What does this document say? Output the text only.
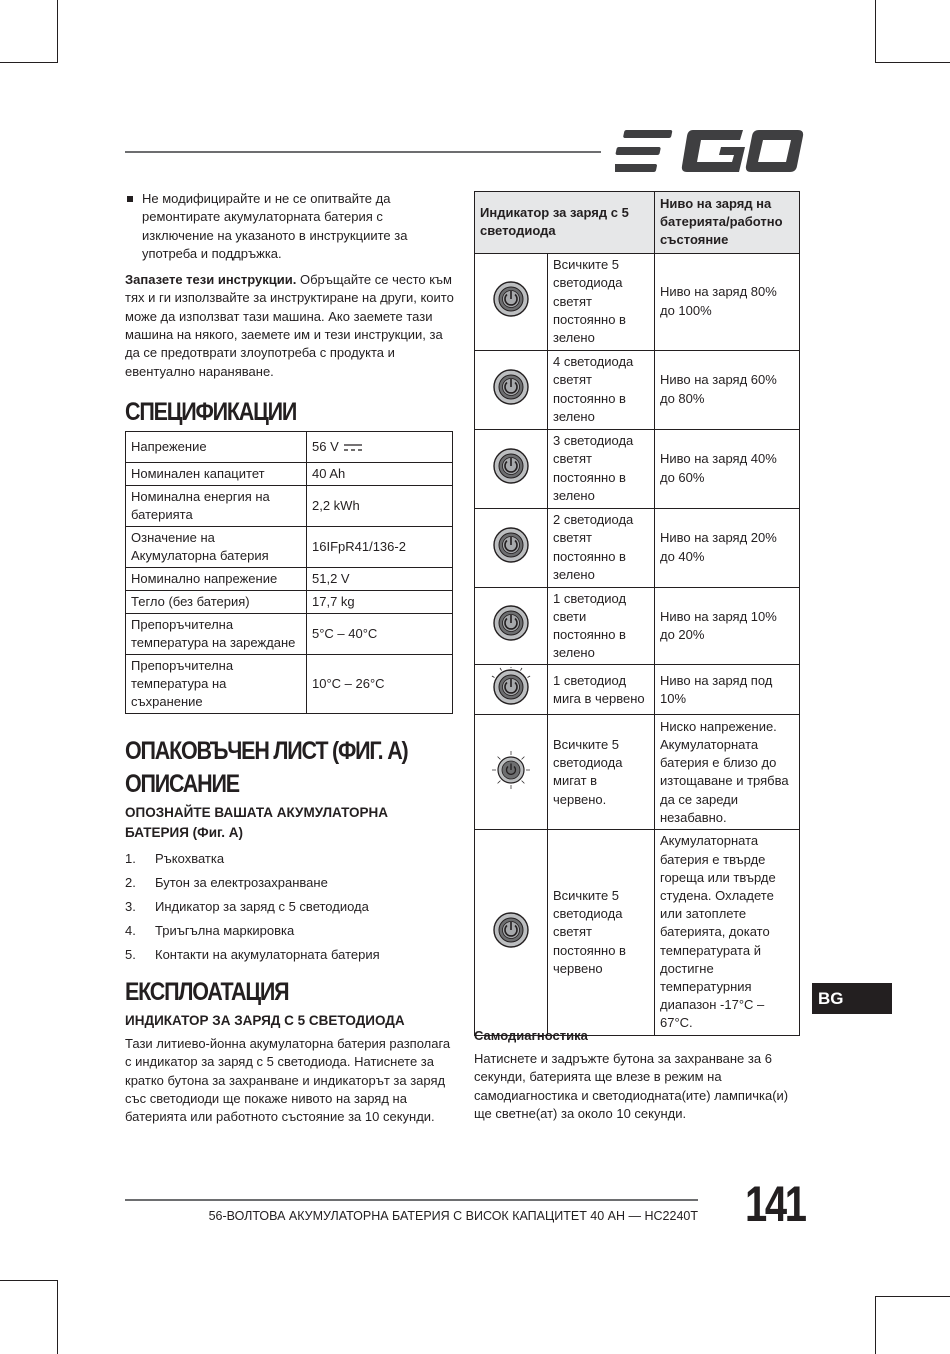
EGO
Не модифицирайте и не се опитвайте да ремонтирате акумулаторната батерия с изключение на указаното в инструкциите за употреба и поддръжка.

Запазете тези инструкции. Обръщайте се често към тях и ги използвайте за инструктиране на други, които може да използват тази машина. Ако заемете тази машина на някого, заемете им и тези инструкции, за да се предотврати злоупотреба с продукта и евентуално нараняване.

СПЕЦИФИКАЦИИ
Напрежение	56 V
Номинален капацитет	40 Ah
Номинална енергия на батерията	2,2 kWh
Означение на Акумулаторна батерия	16IFpR41/136-2
Номинално напрежение	51,2 V
Тегло (без батерия)	17,7 kg
Препоръчителна температура на зареждане	5°C – 40°C
Препоръчителна температура на съхранение	10°C – 26°C
ОПАКОВЪЧЕН ЛИСТ (ФИГ. А)
ОПИСАНИЕ

ОПОЗНАЙТЕ ВАШАТА АКУМУЛАТОРНА БАТЕРИЯ (Фиг. А)

1.	Ръкохватка
2.	Бутон за електрозахранване
3.	Индикатор за заряд с 5 светодиода
4.	Триъгълна маркировка
5.	Контакти на акумулаторната батерия
ЕКСПЛОАТАЦИЯ

ИНДИКАТОР ЗА ЗАРЯД С 5 СВЕТОДИОДА

Тази литиево-йонна акумулаторна батерия разполага с индикатор за заряд с 5 светодиода. Натиснете за кратко бутона за захранване и индикаторът за заряд със светодиоди ще покаже нивото на заряд на батерията или работното състояние за 10 секунди.

Индикатор за заряд с 5 светодиода		Ниво на заряд на батерията/работно състояние
	Всичките 5 светодиода светят постоянно в зелено	Ниво на заряд 80% до 100%
	4 светодиода светят постоянно в зелено	Ниво на заряд 60% до 80%
	3 светодиода светят постоянно в зелено	Ниво на заряд 40% до 60%
	2 светодиода светят постоянно в зелено	Ниво на заряд 20% до 40%
	1 светодиод свети постоянно в зелено	Ниво на заряд 10% до 20%
	1 светодиод мига в червено	Ниво на заряд под 10%
	Всичките 5 светодиода мигат в червено.	Ниско напрежение. Акумулаторната батерия е близо до изтощаване и трябва да се зареди незабавно.
	Всичките 5 светодиода светят постоянно в червено	Акумулаторната батерия е твърде гореща или твърде студена. Охладете или затоплете батерията, докато температурата й достигне температурния диапазон -17°C – 67°C.

Самодиагностика

Натиснете и задръжте бутона за захранване за 6 секунди, батерията ще влезе в режим на самодиагностика и светодиодната(ите) лампичка(и) ще светне(ат) за около 10 секунди.

BG
56-ВОЛТОВА АКУМУЛАТОРНА БАТЕРИЯ С ВИСОК КАПАЦИТЕТ 40 АН — HC2240T 141
